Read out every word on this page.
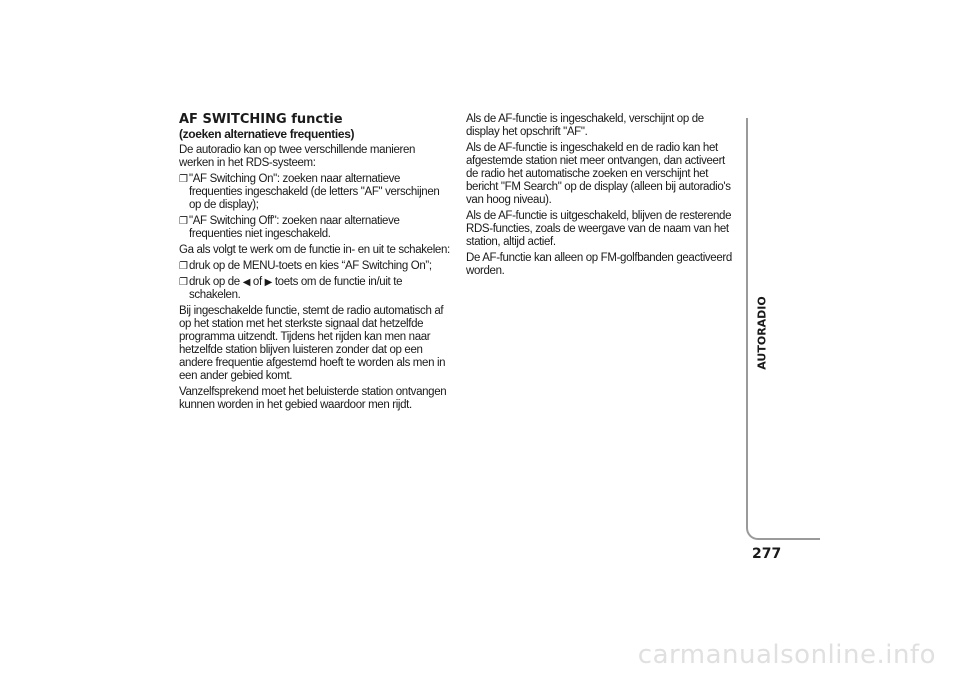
AF SWITCHING functie
(zoeken alternatieve frequenties)

De autoradio kan op twee verschillende manieren werken in het RDS-systeem:

❐ "AF Switching On": zoeken naar alternatieve frequenties ingeschakeld (de letters "AF" verschijnen op de display);
❐ "AF Switching Off": zoeken naar alternatieve frequenties niet ingeschakeld.

Ga als volgt te werk om de functie in- en uit te schakelen:

❐ druk op de MENU-toets en kies “AF Switching On”;
❐ druk op de ◀ of ▶ toets om de functie in/uit te schakelen.

Bij ingeschakelde functie, stemt de radio automatisch af op het station met het sterkste signaal dat hetzelfde programma uitzendt. Tijdens het rijden kan men naar hetzelfde station blijven luisteren zonder dat op een andere frequentie afgestemd hoeft te worden als men in een ander gebied komt.

Vanzelfsprekend moet het beluisterde station ontvangen kunnen worden in het gebied waardoor men rijdt.

Als de AF-functie is ingeschakeld, verschijnt op de display het opschrift "AF".

Als de AF-functie is ingeschakeld en de radio kan het afgestemde station niet meer ontvangen, dan activeert de radio het automatische zoeken en verschijnt het bericht "FM Search" op de display (alleen bij autoradio's van hoog niveau).

Als de AF-functie is uitgeschakeld, blijven de resterende RDS-functies, zoals de weergave van de naam van het station, altijd actief.

De AF-functie kan alleen op FM-golfbanden geactiveerd worden.

AUTORADIO
277
carmanualsonline.info
